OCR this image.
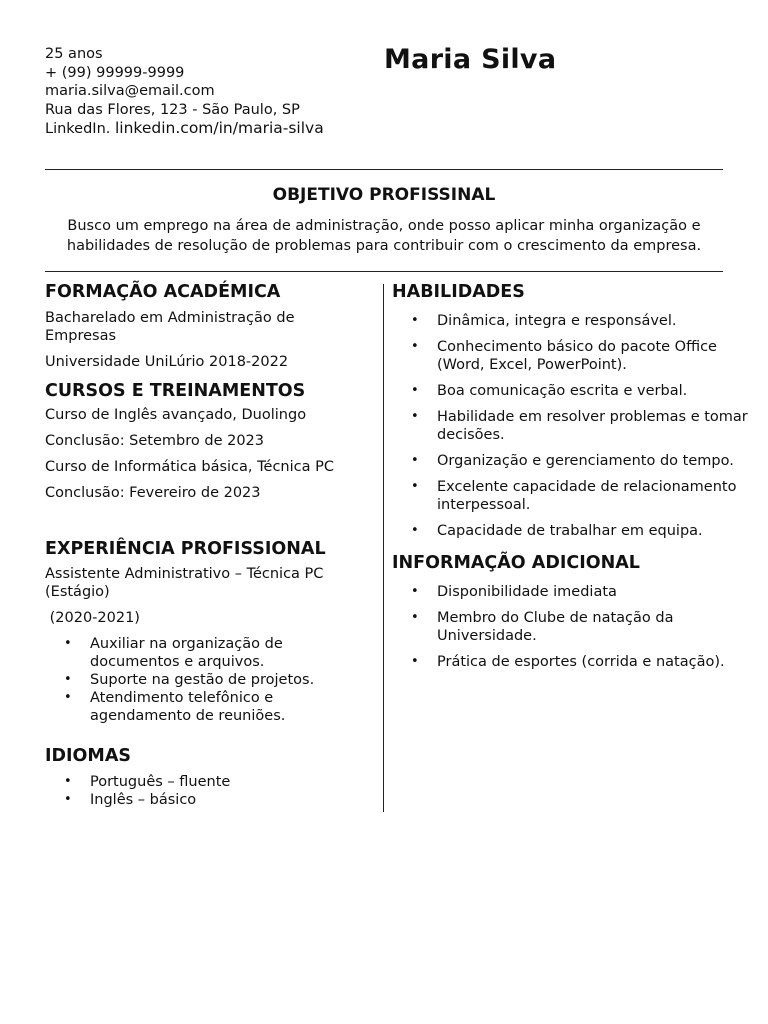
25 anos
+ (99) 99999-9999
maria.silva@email.com
Rua das Flores, 123 - São Paulo, SP
LinkedIn. linkedin.com/in/maria-silva
Maria Silva
OBJETIVO PROFISSINAL
Busco um emprego na área de administração, onde posso aplicar minha organização e
habilidades de resolução de problemas para contribuir com o crescimento da empresa.
FORMAÇÃO ACADÉMICA

Bacharelado em Administração de Empresas

Universidade UniLúrio 2018-2022

CURSOS E TREINAMENTOS

Curso de Inglês avançado, Duolingo

Conclusão: Setembro de 2023

Curso de Informática básica, Técnica PC

Conclusão: Fevereiro de 2023

EXPERIÊNCIA PROFISSIONAL

Assistente Administrativo – Técnica PC (Estágio)

(2020-2021)

• Auxiliar na organização de documentos e arquivos.
• Suporte na gestão de projetos.
• Atendimento telefônico e agendamento de reuniões.
IDIOMAS
• Português – fluente
• Inglês – básico
HABILIDADES
• Dinâmica, integra e responsável.
• Conhecimento básico do pacote Office (Word, Excel, PowerPoint).
• Boa comunicação escrita e verbal.
• Habilidade em resolver problemas e tomar decisões.
• Organização e gerenciamento do tempo.
• Excelente capacidade de relacionamento interpessoal.
• Capacidade de trabalhar em equipa.
INFORMAÇÃO ADICIONAL
• Disponibilidade imediata
• Membro do Clube de natação da Universidade.
• Prática de esportes (corrida e natação).
